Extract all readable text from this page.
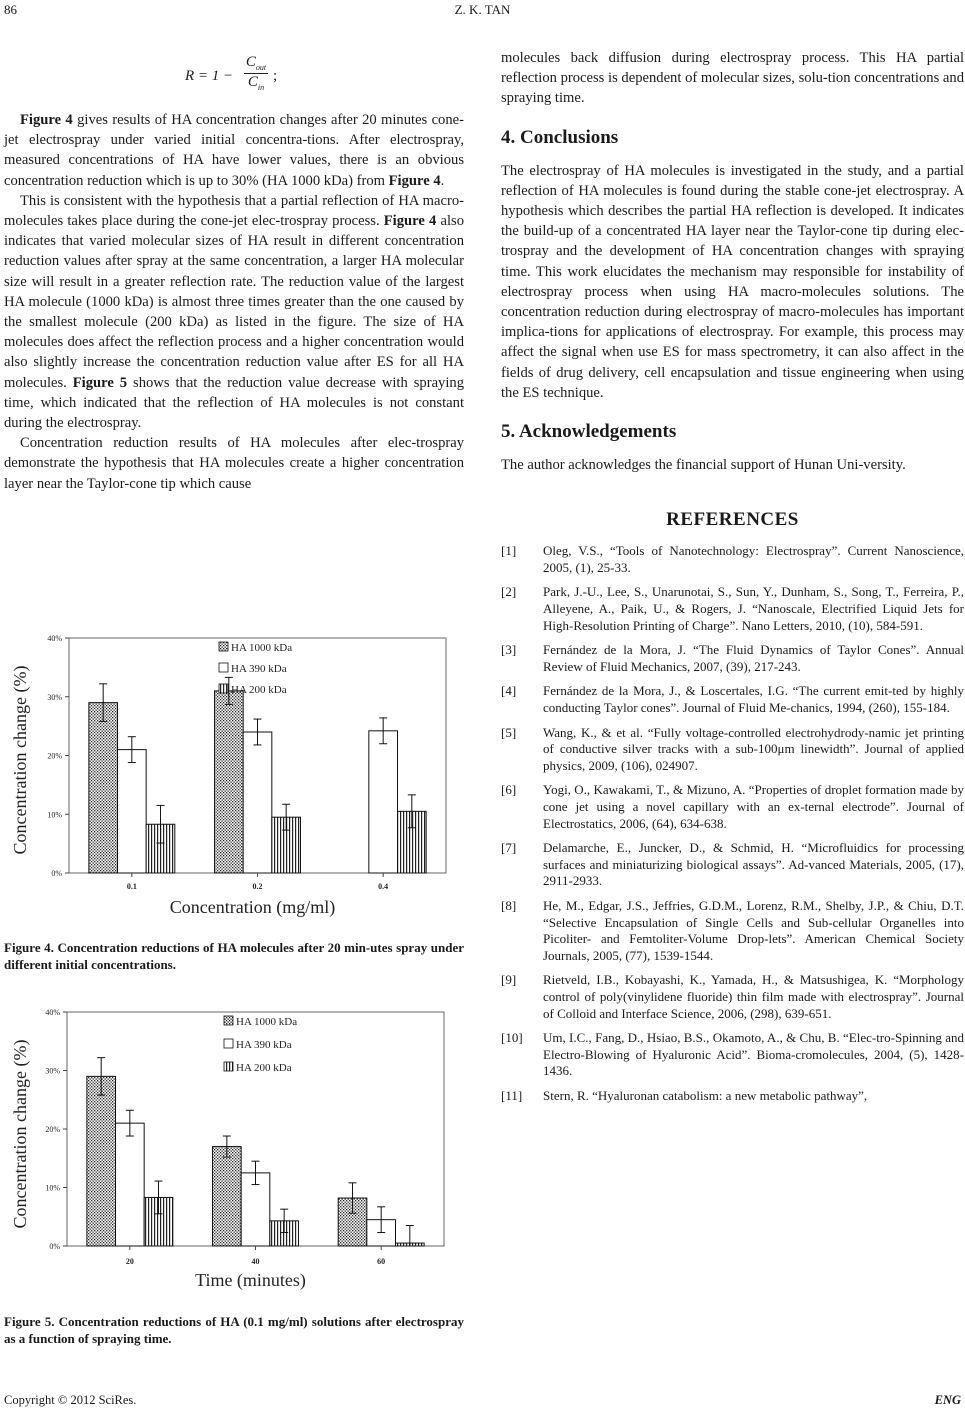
86	Z. K. TAN
R = 1 −
$C_{out}$
$C_{in}$
;

Figure 4 gives results of HA concentration changes after 20 minutes cone-jet electrospray under varied initial concentra-tions. After electrospray, measured concentrations of HA have lower values, there is an obvious concentration reduction which is up to 30% (HA 1000 kDa) from Figure 4.

This is consistent with the hypothesis that a partial reflection of HA macro-molecules takes place during the cone-jet elec-trospray process. Figure 4 also indicates that varied molecular sizes of HA result in different concentration reduction values after spray at the same concentration, a larger HA molecular size will result in a greater reflection rate. The reduction value of the largest HA molecule (1000 kDa) is almost three times greater than the one caused by the smallest molecule (200 kDa) as listed in the figure. The size of HA molecules does affect the reflection process and a higher concentration would also slightly increase the concentration reduction value after ES for all HA molecules. Figure 5 shows that the reduction value decrease with spraying time, which indicated that the reflection of HA molecules is not constant during the electrospray.

Concentration reduction results of HA molecules after elec-trospray demonstrate the hypothesis that HA molecules create a higher concentration layer near the Taylor-cone tip which cause

0%
10%
20%
30%
40%
0.1	0.2	0.4
HA 1000 kDa
HA 390 kDa
HA 200 kDa
Concentration change (%)
Concentration (mg/ml)
Figure 4. Concentration reductions of HA molecules after 20 min-utes spray under different initial concentrations.
0%
10%
20%
30%
40%
20	40	60
HA 1000 kDa
HA 390 kDa
HA 200 kDa
Concentration change (%)
Time (minutes)
Figure 5. Concentration reductions of HA (0.1 mg/ml) solutions after electrospray as a function of spraying time.

molecules back diffusion during electrospray process. This HA partial reflection process is dependent of molecular sizes, solu-tion concentrations and spraying time.

4. Conclusions

The electrospray of HA molecules is investigated in the study, and a partial reflection of HA molecules is found during the stable cone-jet electrospray. A hypothesis which describes the partial HA reflection is developed. It indicates the build-up of a concentrated HA layer near the Taylor-cone tip during elec-trospray and the development of HA concentration changes with spraying time. This work elucidates the mechanism may responsible for instability of electrospray process when using HA macro-molecules solutions. The concentration reduction during electrospray of macro-molecules has important implica-tions for applications of electrospray. For example, this process may affect the signal when use ES for mass spectrometry, it can also affect in the fields of drug delivery, cell encapsulation and tissue engineering when using the ES technique.

5. Acknowledgements

The author acknowledges the financial support of Hunan Uni-versity.

REFERENCES
[1]	Oleg, V.S., “Tools of Nanotechnology: Electrospray”. Current Nanoscience, 2005, (1), 25-33.
[2]	Park, J.-U., Lee, S., Unarunotai, S., Sun, Y., Dunham, S., Song, T., Ferreira, P., Alleyene, A., Paik, U., & Rogers, J. “Nanoscale, Electrified Liquid Jets for High-Resolution Printing of Charge”. Nano Letters, 2010, (10), 584-591.
[3]	Fernández de la Mora, J. “The Fluid Dynamics of Taylor Cones”. Annual Review of Fluid Mechanics, 2007, (39), 217-243.
[4]	Fernández de la Mora, J., & Loscertales, I.G. “The current emit-ted by highly conducting Taylor cones”. Journal of Fluid Me-chanics, 1994, (260), 155-184.
[5]	Wang, K., & et al. “Fully voltage-controlled electrohydrody-namic jet printing of conductive silver tracks with a sub-100μm linewidth”. Journal of applied physics, 2009, (106), 024907.
[6]	Yogi, O., Kawakami, T., & Mizuno, A. “Properties of droplet formation made by cone jet using a novel capillary with an ex-ternal electrode”. Journal of Electrostatics, 2006, (64), 634-638.
[7]	Delamarche, E., Juncker, D., & Schmid, H. “Microfluidics for processing surfaces and miniaturizing biological assays”. Ad-vanced Materials, 2005, (17), 2911-2933.
[8]	He, M., Edgar, J.S., Jeffries, G.D.M., Lorenz, R.M., Shelby, J.P., & Chiu, D.T. “Selective Encapsulation of Single Cells and Sub-cellular Organelles into Picoliter- and Femtoliter-Volume Drop-lets”. American Chemical Society Journals, 2005, (77), 1539-1544.
[9]	Rietveld, I.B., Kobayashi, K., Yamada, H., & Matsushigea, K. “Morphology control of poly(vinylidene fluoride) thin film made with electrospray”. Journal of Colloid and Interface Science, 2006, (298), 639-651.
[10]	Um, I.C., Fang, D., Hsiao, B.S., Okamoto, A., & Chu, B. “Elec-tro-Spinning and Electro-Blowing of Hyaluronic Acid”. Bioma-cromolecules, 2004, (5), 1428-1436.
[11]	Stern, R. “Hyaluronan catabolism: a new metabolic pathway”,
Copyright © 2012 SciRes.	ENG
